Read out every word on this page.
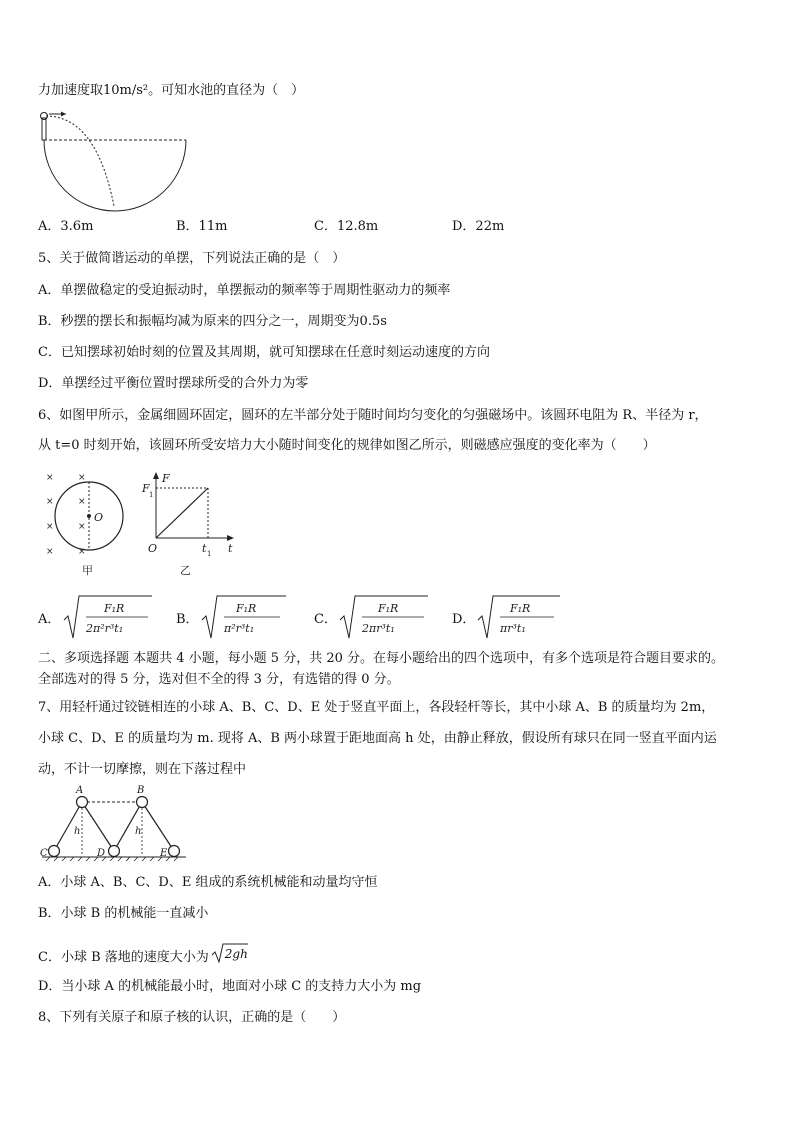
力加速度取10m/s²。可知水池的直径为（　）
A．3.6m	B．11m	C．12.8m	D．22m
5、关于做简谐运动的单摆，下列说法正确的是（　）
A．单摆做稳定的受迫振动时，单摆振动的频率等于周期性驱动力的频率
B．秒摆的摆长和振幅均减为原来的四分之一，周期变为0.5s
C．已知摆球初始时刻的位置及其周期，就可知摆球在任意时刻运动速度的方向
D．单摆经过平衡位置时摆球所受的合外力为零
6、如图甲所示，金属细圆环固定，圆环的左半部分处于随时间均匀变化的匀强磁场中。该圆环电阻为 R、半径为 r，
从 t=0 时刻开始，该圆环所受安培力大小随时间变化的规律如图乙所示，则磁感应强度的变化率为（　　）
O
×
×
×
×
×
×
×
×
甲
F
t
O
F 1
t 1
乙
A．
F₁R
2π²r³t₁
B．
F₁R
π²r³t₁
C．
F₁R
2πr³t₁
D．
F₁R
πr³t₁
二、多项选择题 本题共 4 小题，每小题 5 分，共 20 分。在每小题给出的四个选项中，有多个选项是符合题目要求的。
全部选对的得 5 分，选对但不全的得 3 分，有选错的得 0 分。
7、用轻杆通过铰链相连的小球 A、B、C、D、E 处于竖直平面上，各段轻杆等长，其中小球 A、B 的质量均为 2m，
小球 C、D、E 的质量均为 m. 现将 A、B 两小球置于距地面高 h 处，由静止释放，假设所有球只在同一竖直平面内运
动，不计一切摩擦，则在下落过程中
A	B
C	D	E
h	h
A．小球 A、B、C、D、E 组成的系统机械能和动量均守恒
B．小球 B 的机械能一直减小
C．小球 B 落地的速度大小为 2gh
D．当小球 A 的机械能最小时，地面对小球 C 的支持力大小为 mg
8、下列有关原子和原子核的认识，正确的是（　　）
